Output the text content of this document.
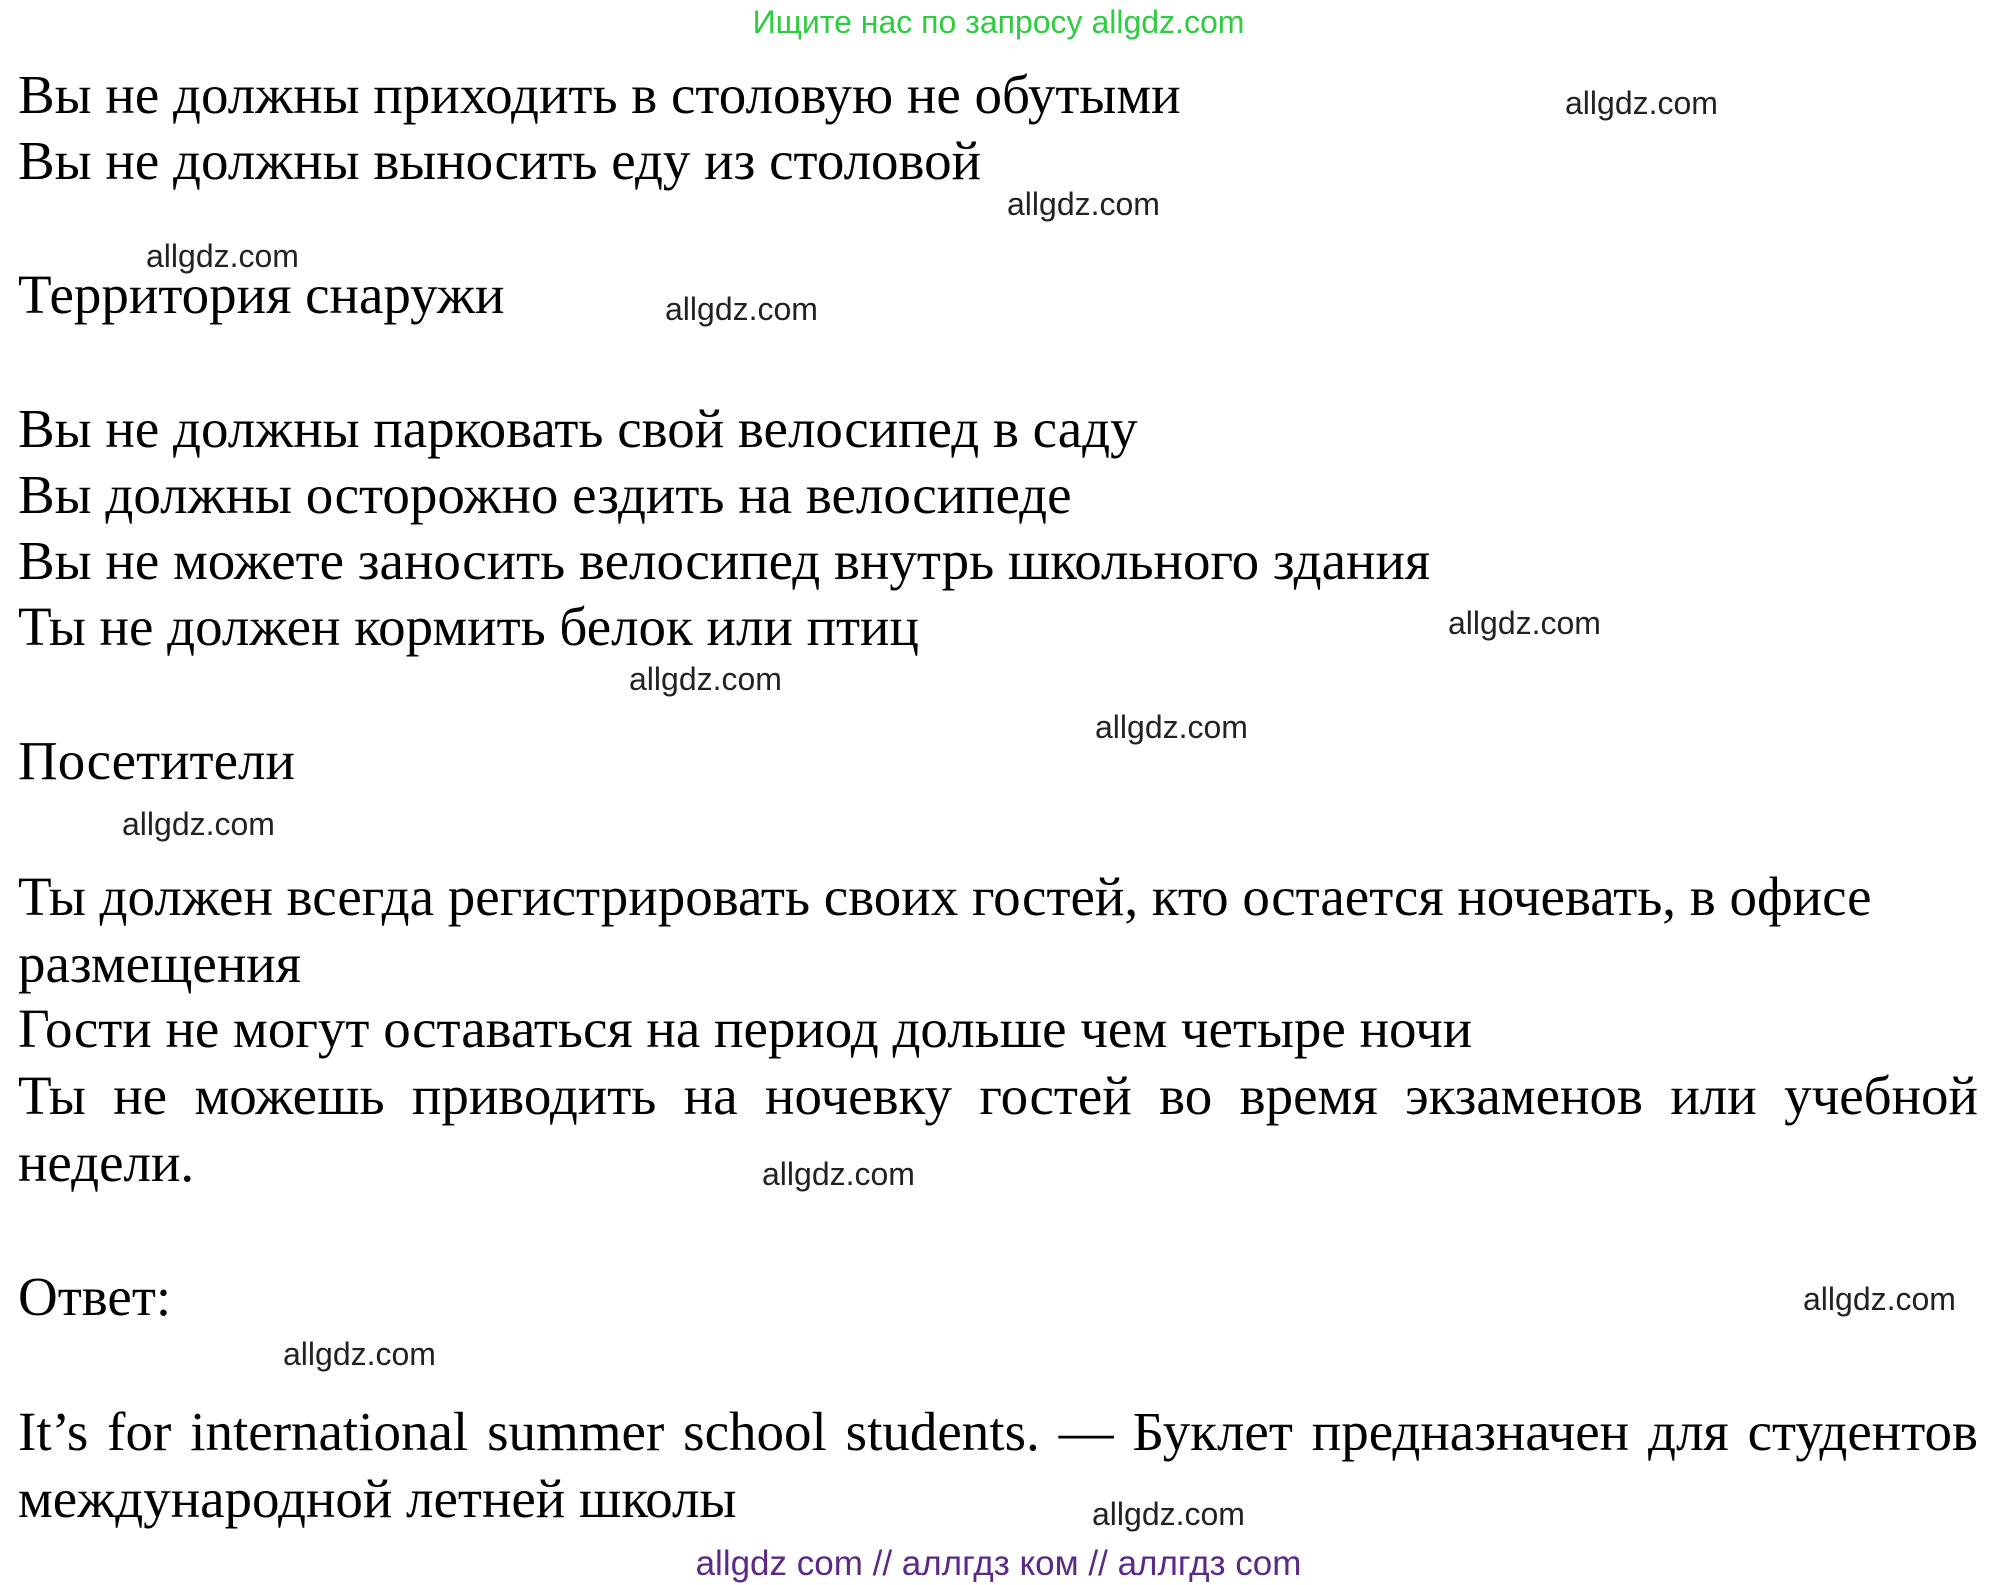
Ищите нас по запросу allgdz.com
Вы не должны приходить в столовую не обутыми
Вы не должны выносить еду из столовой
Территория снаружи
Вы не должны парковать свой велосипед в саду
Вы должны осторожно ездить на велосипеде
Вы не можете заносить велосипед внутрь школьного здания
Ты не должен кормить белок или птиц
Посетители
Ты должен всегда регистрировать своих гостей, кто остается ночевать, в офисе размещения
Гости не могут оставаться на период дольше чем четыре ночи
Ты не можешь приводить на ночевку гостей во время экзаменов или учебной недели.
Ответ:
It’s for international summer school students. — Буклет предназначен для студентов международной летней школы
allgdz.com
allgdz.com
allgdz.com
allgdz.com
allgdz.com
allgdz.com
allgdz.com
allgdz.com
allgdz.com
allgdz.com
allgdz.com
allgdz.com
allgdz com // аллгдз ком // аллгдз com
